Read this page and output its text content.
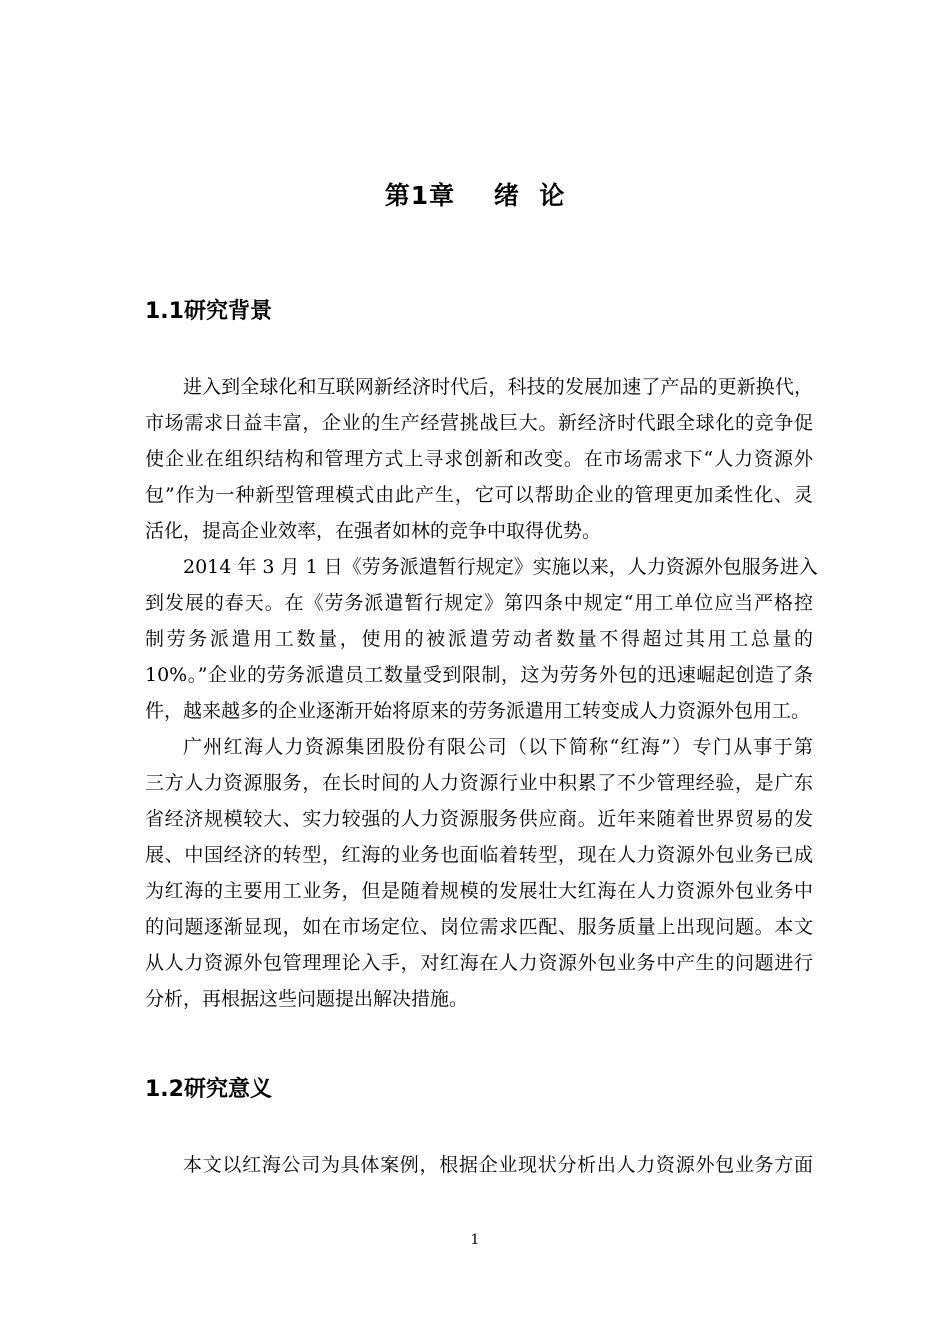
第1章    绪  论
1.1研究背景
进入到全球化和互联网新经济时代后，科技的发展加速了产品的更新换代，
市场需求日益丰富，企业的生产经营挑战巨大。新经济时代跟全球化的竞争促
使企业在组织结构和管理方式上寻求创新和改变。在市场需求下“人力资源外
包”作为一种新型管理模式由此产生，它可以帮助企业的管理更加柔性化、灵
活化，提高企业效率，在强者如林的竞争中取得优势。
2014 年 3 月 1 日《劳务派遣暂行规定》实施以来，人力资源外包服务进入
到发展的春天。在《劳务派遣暂行规定》第四条中规定“用工单位应当严格控
制劳务派遣用工数量，使用的被派遣劳动者数量不得超过其用工总量的
10%。”企业的劳务派遣员工数量受到限制，这为劳务外包的迅速崛起创造了条
件，越来越多的企业逐渐开始将原来的劳务派遣用工转变成人力资源外包用工。
广州红海人力资源集团股份有限公司（以下简称“红海”）专门从事于第
三方人力资源服务，在长时间的人力资源行业中积累了不少管理经验，是广东
省经济规模较大、实力较强的人力资源服务供应商。近年来随着世界贸易的发
展、中国经济的转型，红海的业务也面临着转型，现在人力资源外包业务已成
为红海的主要用工业务，但是随着规模的发展壮大红海在人力资源外包业务中
的问题逐渐显现，如在市场定位、岗位需求匹配、服务质量上出现问题。本文
从人力资源外包管理理论入手，对红海在人力资源外包业务中产生的问题进行
分析，再根据这些问题提出解决措施。
1.2研究意义
本文以红海公司为具体案例，根据企业现状分析出人力资源外包业务方面
1
